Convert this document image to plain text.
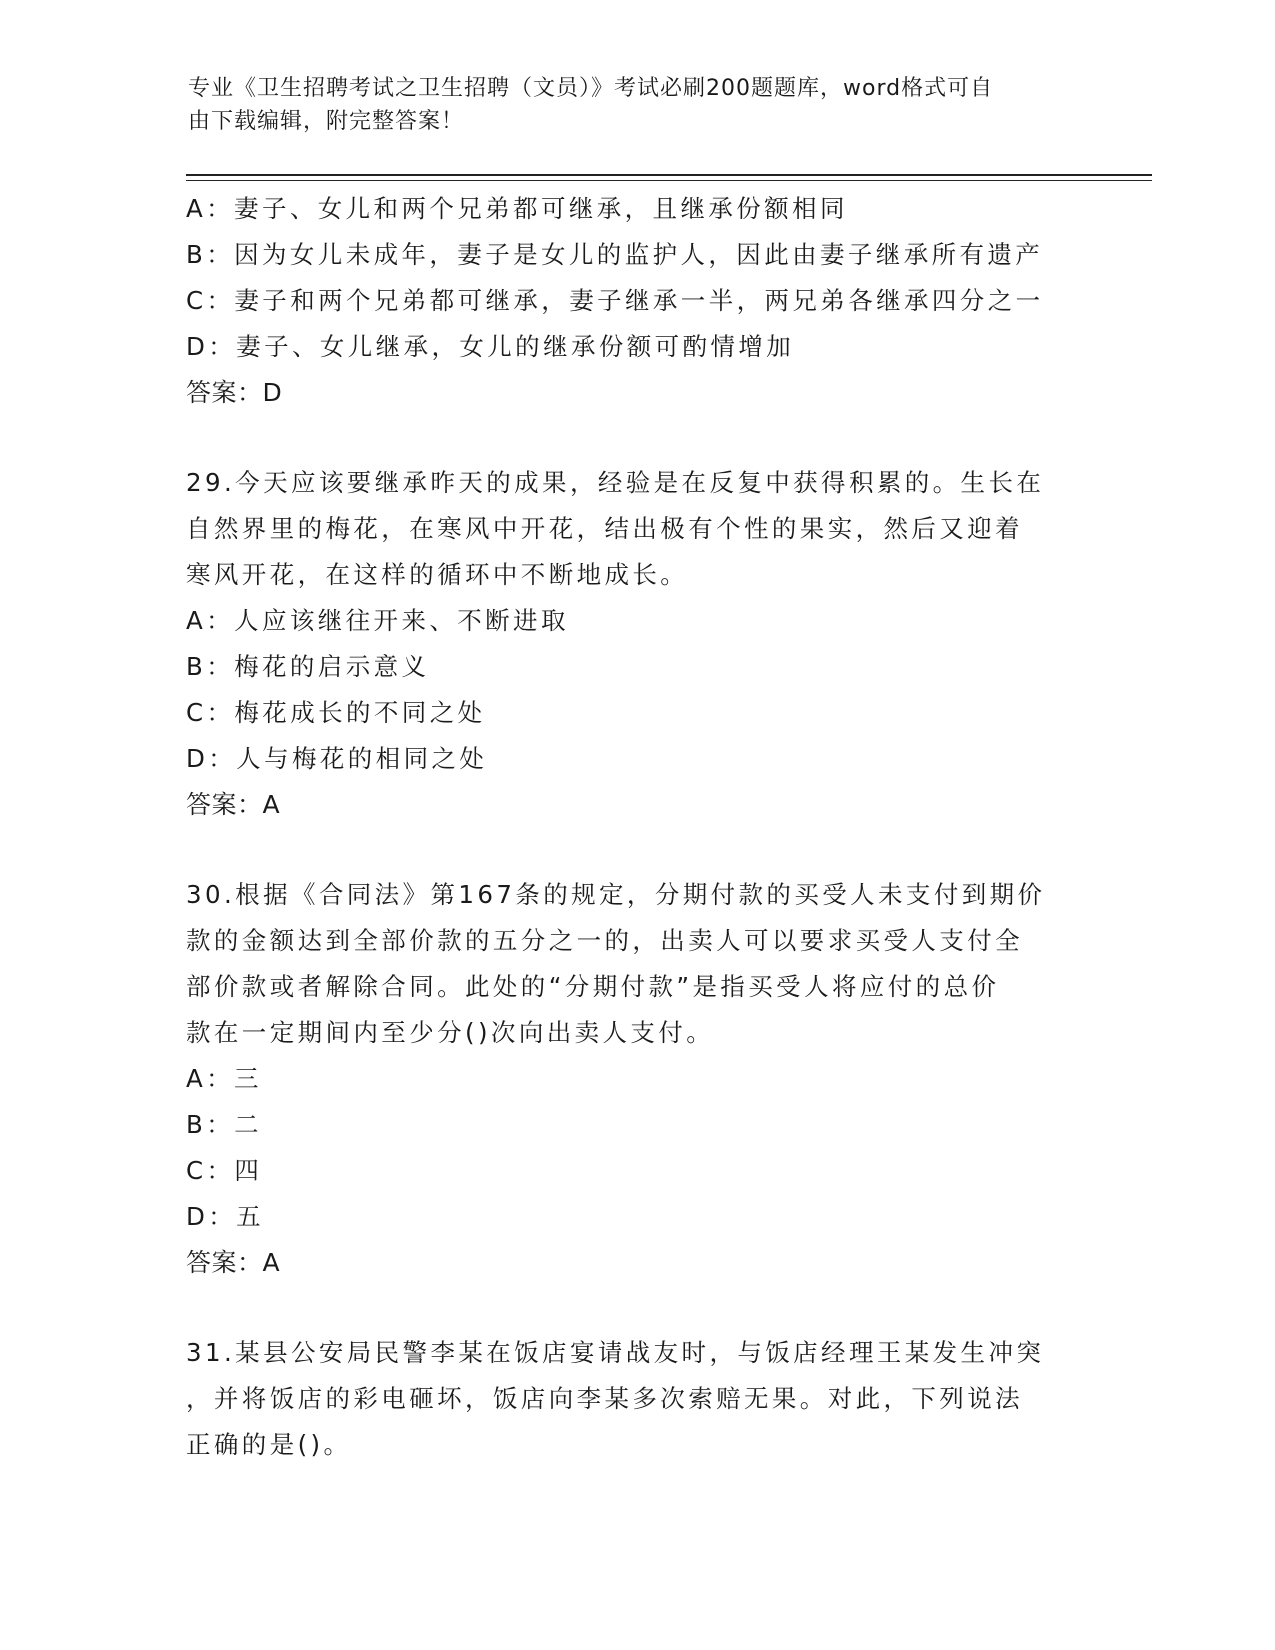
专业《卫生招聘考试之卫生招聘（文员）》考试必刷200题题库，word格式可自
由下载编辑，附完整答案！
A：妻子、女儿和两个兄弟都可继承，且继承份额相同
B：因为女儿未成年，妻子是女儿的监护人，因此由妻子继承所有遗产
C：妻子和两个兄弟都可继承，妻子继承一半，两兄弟各继承四分之一
D：妻子、女儿继承，女儿的继承份额可酌情增加
答案：D
29.今天应该要继承昨天的成果，经验是在反复中获得积累的。生长在
自然界里的梅花，在寒风中开花，结出极有个性的果实，然后又迎着
寒风开花，在这样的循环中不断地成长。
A：人应该继往开来、不断进取
B：梅花的启示意义
C：梅花成长的不同之处
D：人与梅花的相同之处
答案：A
30.根据《合同法》第167条的规定，分期付款的买受人未支付到期价
款的金额达到全部价款的五分之一的，出卖人可以要求买受人支付全
部价款或者解除合同。此处的“分期付款”是指买受人将应付的总价
款在一定期间内至少分()次向出卖人支付。
A：三
B：二
C：四
D：五
答案：A
31.某县公安局民警李某在饭店宴请战友时，与饭店经理王某发生冲突
，并将饭店的彩电砸坏，饭店向李某多次索赔无果。对此，下列说法
正确的是()。
